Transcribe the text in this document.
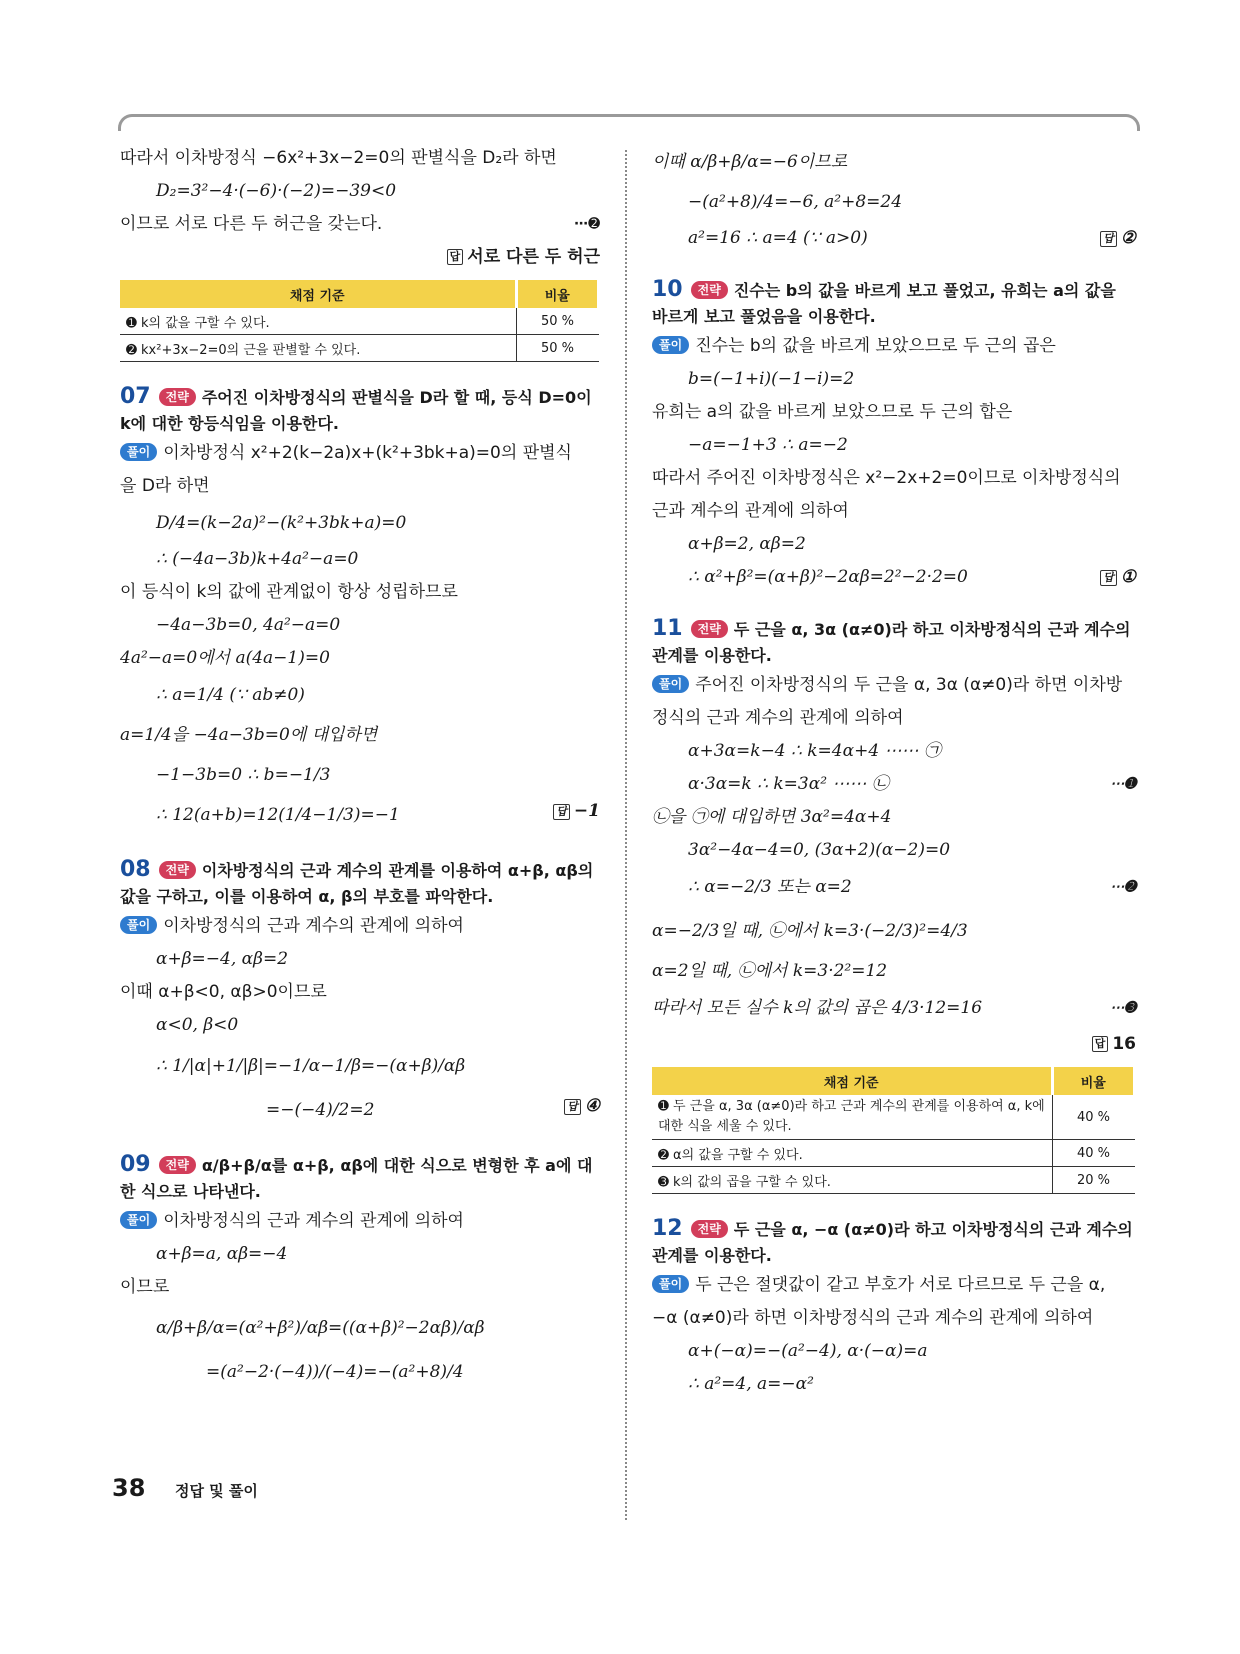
따라서 이차방정식 −6x²+3x−2=0의 판별식을 D₂라 하면
D₂=3²−4·(−6)·(−2)=−39<0
이므로 서로 다른 두 허근을 갖는다.	⋯➋
답 서로 다른 두 허근
채점 기준	비율
➊ k의 값을 구할 수 있다.	50 %
➋ kx²+3x−2=0의 근을 판별할 수 있다.	50 %
07 전략 주어진 이차방정식의 판별식을 D라 할 때, 등식 D=0이 k에 대한 항등식임을 이용한다.
풀이 이차방정식 x²+2(k−2a)x+(k²+3bk+a)=0의 판별식
을 D라 하면
D/4=(k−2a)²−(k²+3bk+a)=0
∴ (−4a−3b)k+4a²−a=0
이 등식이 k의 값에 관계없이 항상 성립하므로
−4a−3b=0, 4a²−a=0
4a²−a=0에서 a(4a−1)=0
∴ a=1/4 (∵ ab≠0)
a=1/4을 −4a−3b=0에 대입하면
−1−3b=0 ∴ b=−1/3
∴ 12(a+b)=12(1/4−1/3)=−1	답 −1
08 전략 이차방정식의 근과 계수의 관계를 이용하여 α+β, αβ의 값을 구하고, 이를 이용하여 α, β의 부호를 파악한다.
풀이 이차방정식의 근과 계수의 관계에 의하여
α+β=−4, αβ=2
이때 α+β<0, αβ>0이므로
α<0, β<0
∴ 1/|α|+1/|β|=−1/α−1/β=−(α+β)/αβ
=−(−4)/2=2	답 ④
09 전략 α/β+β/α를 α+β, αβ에 대한 식으로 변형한 후 a에 대한 식으로 나타낸다.
풀이 이차방정식의 근과 계수의 관계에 의하여
α+β=a, αβ=−4
이므로
α/β+β/α=(α²+β²)/αβ=((α+β)²−2αβ)/αβ
=(a²−2·(−4))/(−4)=−(a²+8)/4
이때 α/β+β/α=−6이므로
−(a²+8)/4=−6, a²+8=24
a²=16 ∴ a=4 (∵ a>0)	답 ②
10 전략 진수는 b의 값을 바르게 보고 풀었고, 유희는 a의 값을 바르게 보고 풀었음을 이용한다.
풀이 진수는 b의 값을 바르게 보았으므로 두 근의 곱은
b=(−1+i)(−1−i)=2
유희는 a의 값을 바르게 보았으므로 두 근의 합은
−a=−1+3 ∴ a=−2
따라서 주어진 이차방정식은 x²−2x+2=0이므로 이차방정식의
근과 계수의 관계에 의하여
α+β=2, αβ=2
∴ α²+β²=(α+β)²−2αβ=2²−2·2=0	답 ①
11 전략 두 근을 α, 3α (α≠0)라 하고 이차방정식의 근과 계수의 관계를 이용한다.
풀이 주어진 이차방정식의 두 근을 α, 3α (α≠0)라 하면 이차방
정식의 근과 계수의 관계에 의하여
α+3α=k−4 ∴ k=4α+4 ⋯⋯ ㉠
α·3α=k ∴ k=3α² ⋯⋯ ㉡	⋯➊
㉡을 ㉠에 대입하면 3α²=4α+4
3α²−4α−4=0, (3α+2)(α−2)=0
∴ α=−2/3 또는 α=2	⋯➋
α=−2/3일 때, ㉡에서 k=3·(−2/3)²=4/3
α=2일 때, ㉡에서 k=3·2²=12
따라서 모든 실수 k의 값의 곱은 4/3·12=16	⋯➌
답 16
채점 기준	비율
➊ 두 근을 α, 3α (α≠0)라 하고 근과 계수의 관계를 이용하여 α, k에 대한 식을 세울 수 있다.	40 %
➋ α의 값을 구할 수 있다.	40 %
➌ k의 값의 곱을 구할 수 있다.	20 %
12 전략 두 근을 α, −α (α≠0)라 하고 이차방정식의 근과 계수의 관계를 이용한다.
풀이 두 근은 절댓값이 같고 부호가 서로 다르므로 두 근을 α,
−α (α≠0)라 하면 이차방정식의 근과 계수의 관계에 의하여
α+(−α)=−(a²−4), α·(−α)=a
∴ a²=4, a=−α²
38 정답 및 풀이
